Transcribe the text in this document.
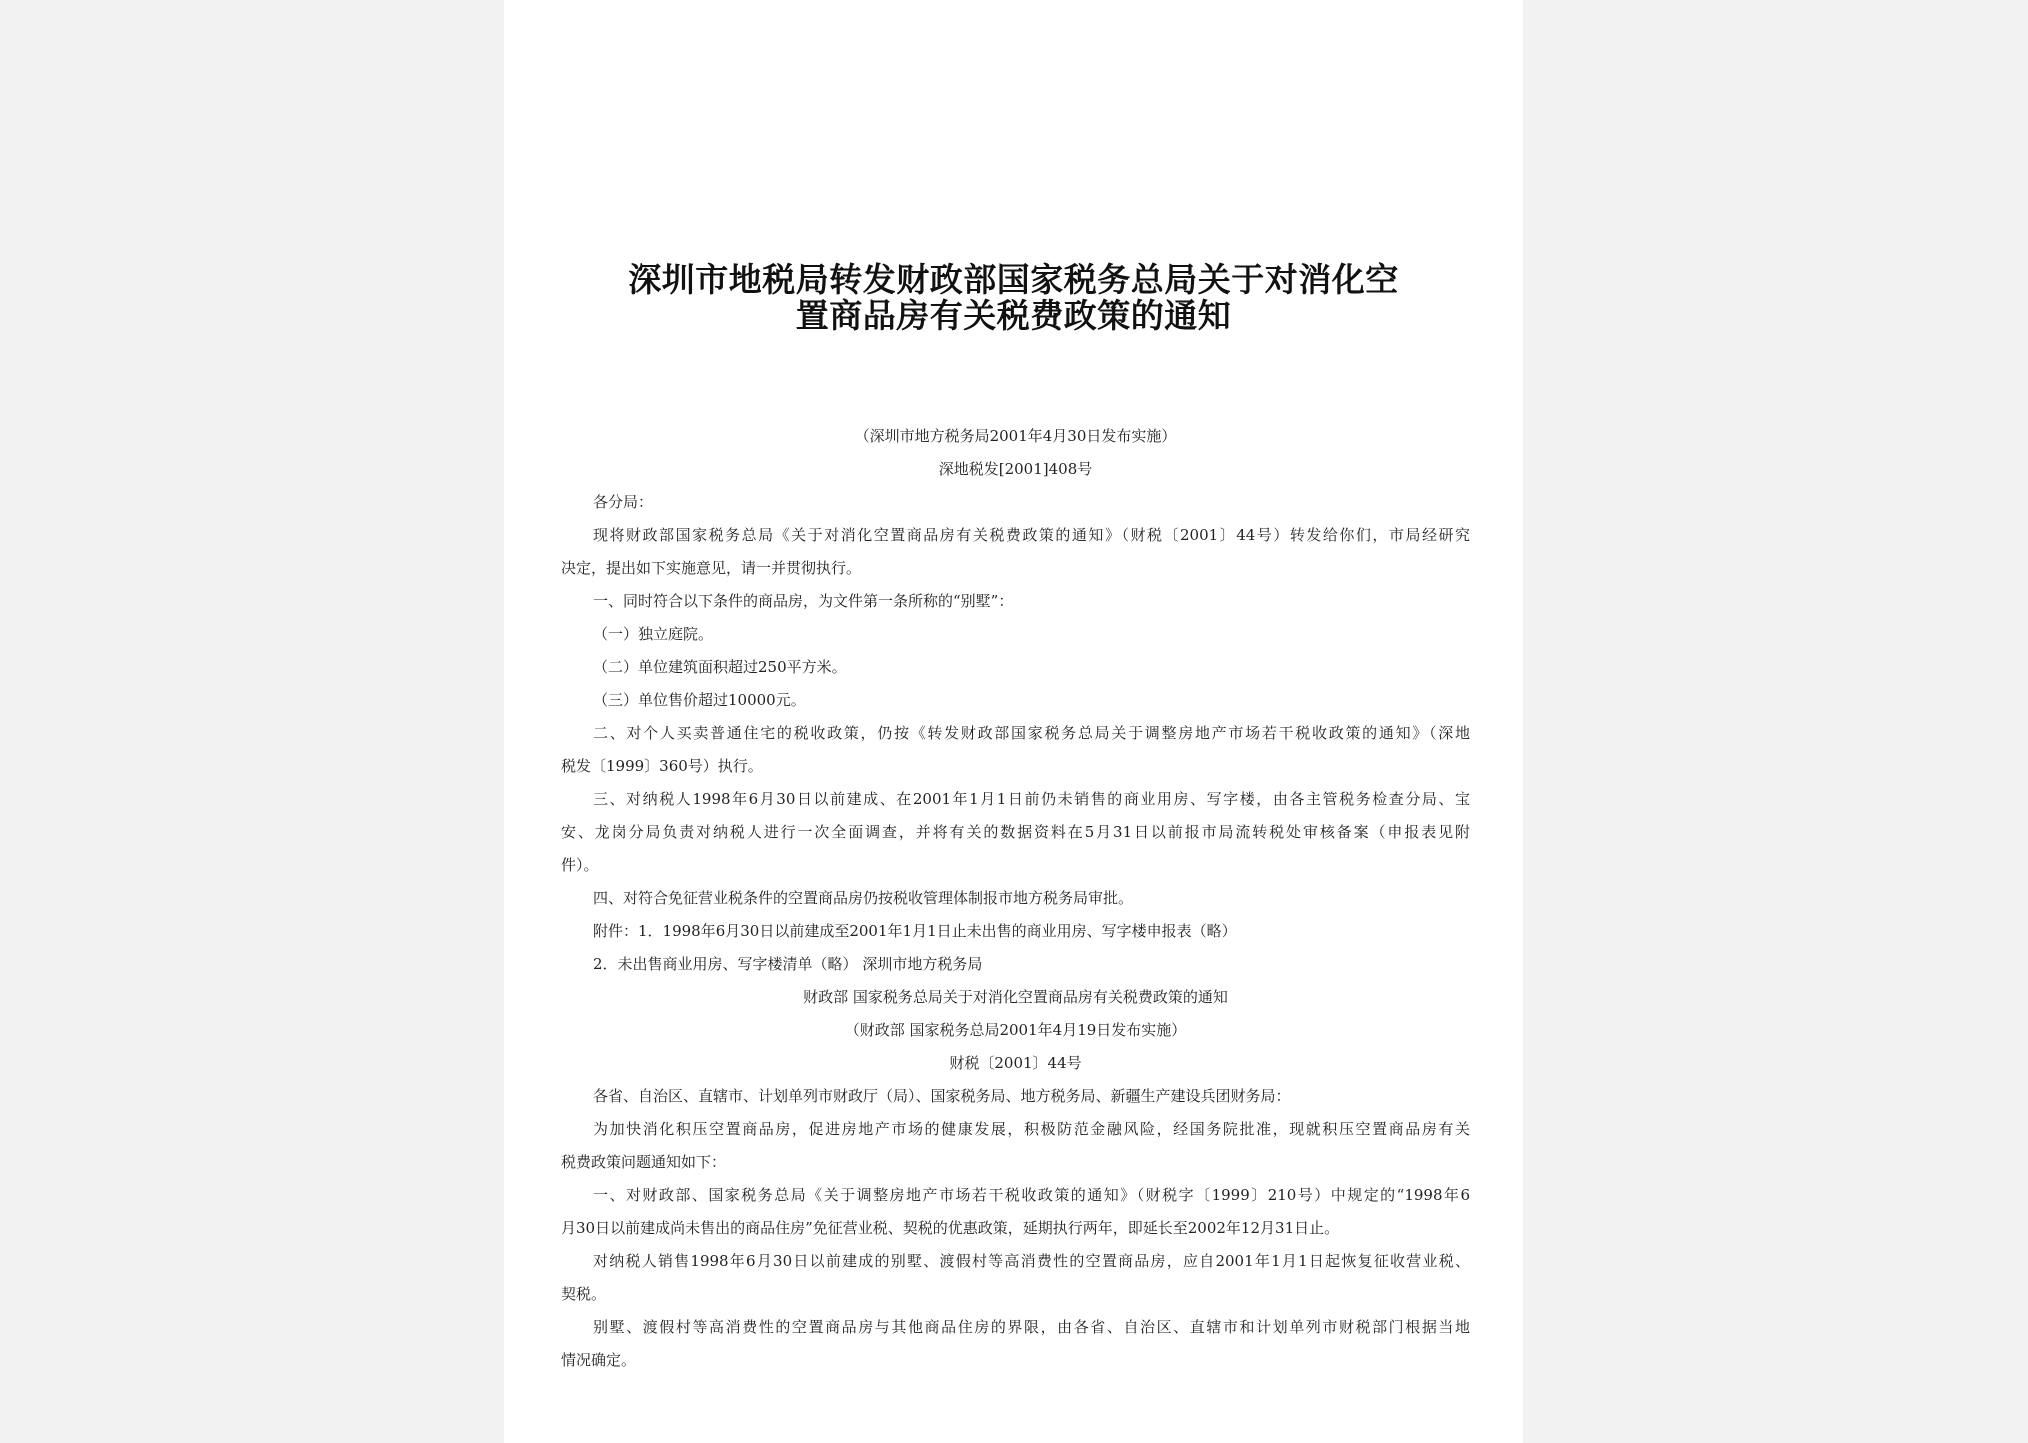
深圳市地税局转发财政部国家税务总局关于对消化空
置商品房有关税费政策的通知
（深圳市地方税务局2001年4月30日发布实施）
深地税发[2001]408号
各分局：
现将财政部国家税务总局《关于对消化空置商品房有关税费政策的通知》（财税〔2001〕44号）转发给你们，市局经研究
决定，提出如下实施意见，请一并贯彻执行。
一、同时符合以下条件的商品房，为文件第一条所称的“别墅”：
（一）独立庭院。
（二）单位建筑面积超过250平方米。
（三）单位售价超过10000元。
二、对个人买卖普通住宅的税收政策，仍按《转发财政部国家税务总局关于调整房地产市场若干税收政策的通知》（深地
税发〔1999〕360号）执行。
三、对纳税人1998年6月30日以前建成、在2001年1月1日前仍未销售的商业用房、写字楼，由各主管税务检查分局、宝
安、龙岗分局负责对纳税人进行一次全面调查，并将有关的数据资料在5月31日以前报市局流转税处审核备案（申报表见附
件）。
四、对符合免征营业税条件的空置商品房仍按税收管理体制报市地方税务局审批。
附件：1．1998年6月30日以前建成至2001年1月1日止未出售的商业用房、写字楼申报表（略）
2．未出售商业用房、写字楼清单（略） 深圳市地方税务局
财政部 国家税务总局关于对消化空置商品房有关税费政策的通知
（财政部 国家税务总局2001年4月19日发布实施）
财税〔2001〕44号
各省、自治区、直辖市、计划单列市财政厅（局）、国家税务局、地方税务局、新疆生产建设兵团财务局：
为加快消化积压空置商品房，促进房地产市场的健康发展，积极防范金融风险，经国务院批准，现就积压空置商品房有关
税费政策问题通知如下：
一、对财政部、国家税务总局《关于调整房地产市场若干税收政策的通知》（财税字〔1999〕210号）中规定的“1998年6
月30日以前建成尚未售出的商品住房”免征营业税、契税的优惠政策，延期执行两年，即延长至2002年12月31日止。
对纳税人销售1998年6月30日以前建成的别墅、渡假村等高消费性的空置商品房，应自2001年1月1日起恢复征收营业税、
契税。
别墅、渡假村等高消费性的空置商品房与其他商品住房的界限，由各省、自治区、直辖市和计划单列市财税部门根据当地
情况确定。
